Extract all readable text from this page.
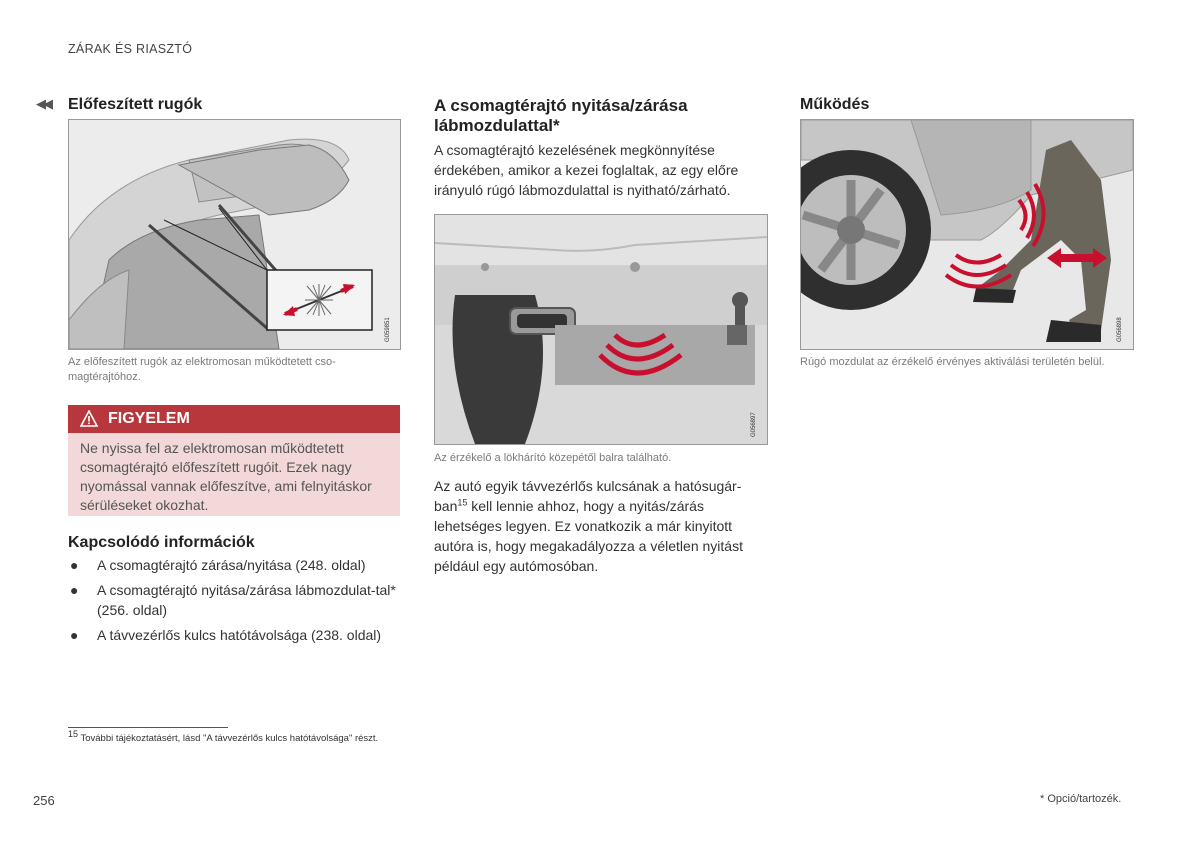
ZÁRAK ÉS RIASZTÓ
◀◀ Előfeszített rugók
G059851
Az előfeszített rugók az elektromosan működtetett cso-magtérajtóhoz.
FIGYELEM

Ne nyissa fel az elektromosan működtetett csomagtérajtó előfeszített rugóit. Ezek nagy nyomással vannak előfeszítve, ami felnyitáskor sérüléseket okozhat.

Kapcsolódó információk
● A csomagtérajtó zárása/nyitása (248. oldal)
● A csomagtérajtó nyitása/zárása lábmozdulat-tal* (256. oldal)
● A távvezérlős kulcs hatótávolsága (238. oldal)
A csomagtérajtó nyitása/zárása lábmozdulattal*
A csomagtérajtó kezelésének megkönnyítése érdekében, amikor a kezei foglaltak, az egy előre irányuló rúgó lábmozdulattal is nyitható/zárható.
G056897
Az érzékelő a lökhárító közepétől balra található.
Az autó egyik távvezérlős kulcsának a hatósugár-ban$^{15}$ kell lennie ahhoz, hogy a nyitás/zárás lehetséges legyen. Ez vonatkozik a már kinyitott autóra is, hogy megakadályozza a véletlen nyitást például egy autómosóban.
Működés
G056898
Rúgó mozdulat az érzékelő érvényes aktiválási területén belül.
15 További tájékoztatásért, lásd "A távvezérlős kulcs hatótávolsága" részt.
256	* Opció/tartozék.
